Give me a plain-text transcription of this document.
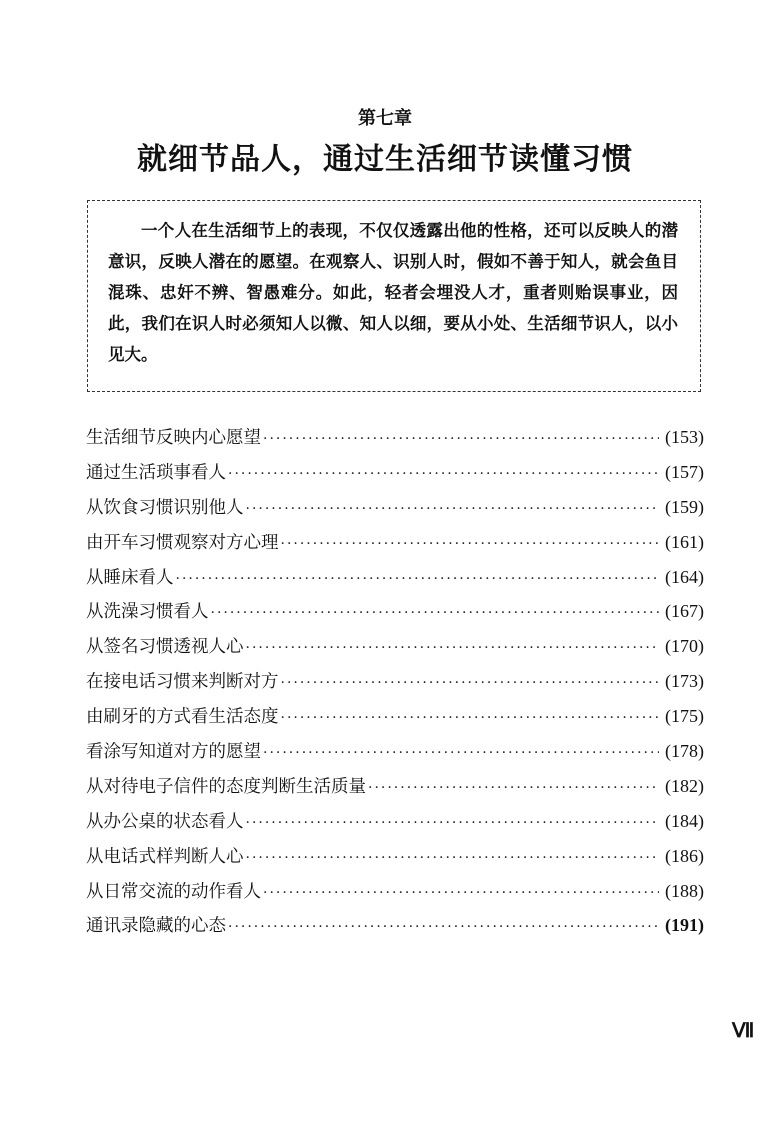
第七章
就细节品人，通过生活细节读懂习惯

一个人在生活细节上的表现，不仅仅透露出他的性格，还可以反映人的潜意识，反映人潜在的愿望。在观察人、识别人时，假如不善于知人，就会鱼目混珠、忠奸不辨、智愚难分。如此，轻者会埋没人才，重者则贻误事业，因此，我们在识人时必须知人以微、知人以细，要从小处、生活细节识人，以小见大。

生活细节反映内心愿望 ·····	(153)
通过生活琐事看人 ·····	(157)
从饮食习惯识别他人 ·····	(159)
由开车习惯观察对方心理 ·····	(161)
从睡床看人 ·····	(164)
从洗澡习惯看人 ·····	(167)
从签名习惯透视人心 ·····	(170)
在接电话习惯来判断对方 ·····	(173)
由刷牙的方式看生活态度 ·····	(175)
看涂写知道对方的愿望 ·····	(178)
从对待电子信件的态度判断生活质量 ·····	(182)
从办公桌的状态看人 ·····	(184)
从电话式样判断人心 ·····	(186)
从日常交流的动作看人 ·····	(188)
通讯录隐藏的心态 ·····	(191)
Ⅶ
